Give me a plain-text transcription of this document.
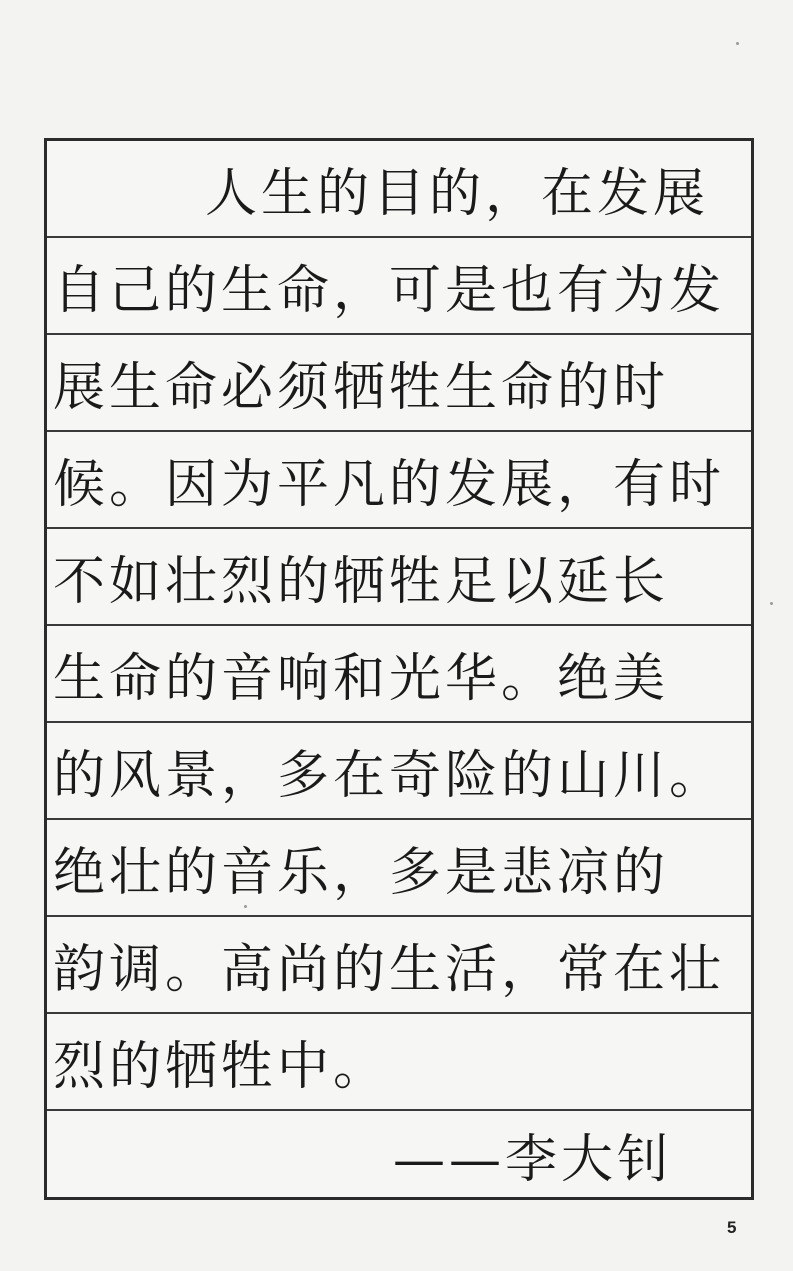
人生的目的，在发展
自己的生命，可是也有为发
展生命必须牺牲生命的时
候。因为平凡的发展，有时
不如壮烈的牺牲足以延长
生命的音响和光华。绝美
的风景，多在奇险的山川。
绝壮的音乐，多是悲凉的
韵调。高尚的生活，常在壮
烈的牺牲中。
——李大钊
5
